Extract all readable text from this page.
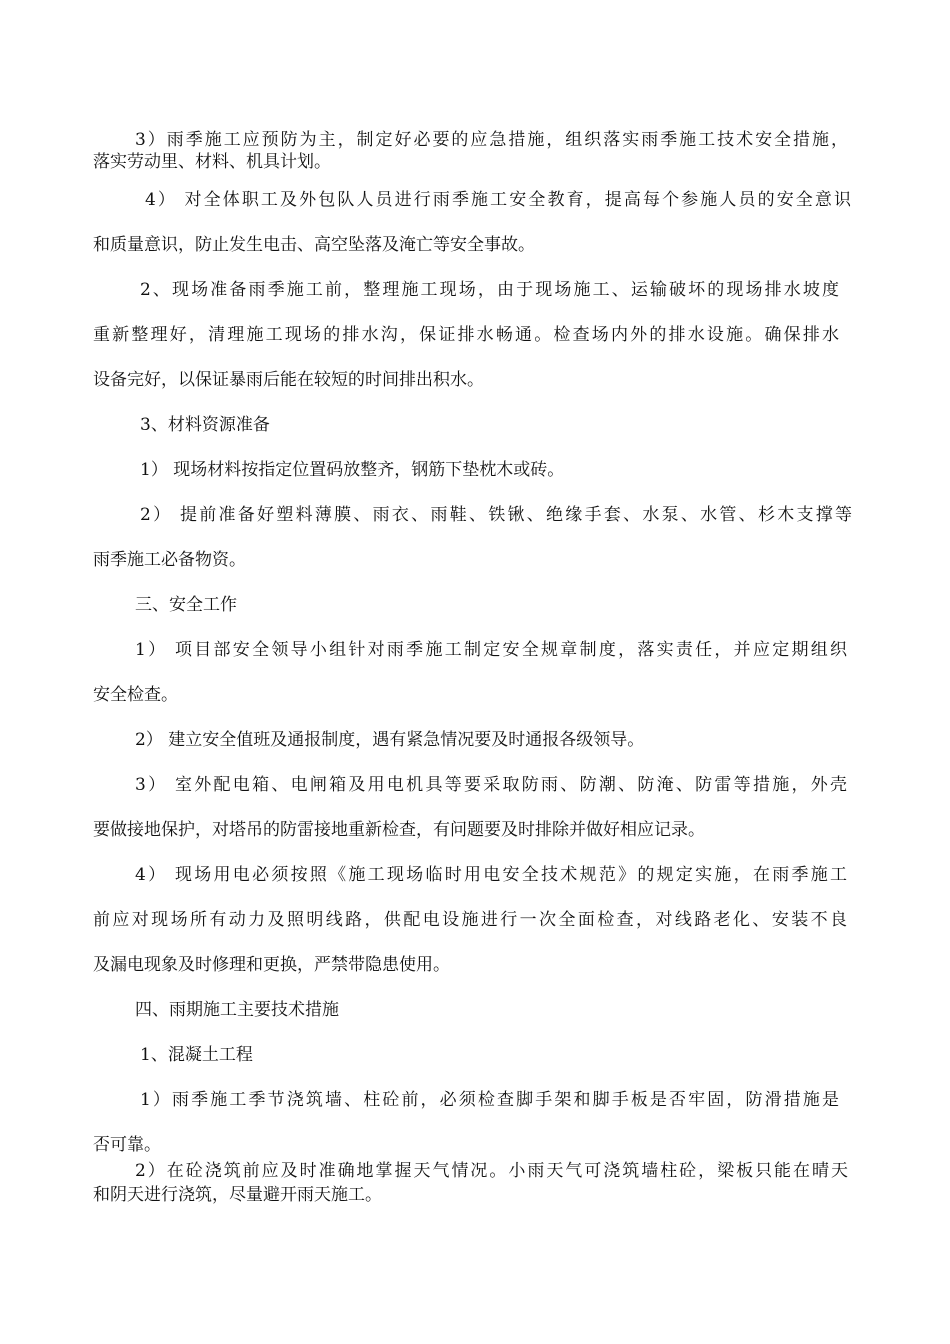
3）雨季施工应预防为主，制定好必要的应急措施，组织落实雨季施工技术安全措施，
落实劳动里、材料、机具计划。
4） 对全体职工及外包队人员进行雨季施工安全教育，提高每个参施人员的安全意识
和质量意识，防止发生电击、高空坠落及淹亡等安全事故。
2、现场准备雨季施工前，整理施工现场，由于现场施工、运输破坏的现场排水坡度
重新整理好，清理施工现场的排水沟，保证排水畅通。检查场内外的排水设施。确保排水
设备完好，以保证暴雨后能在较短的时间排出积水。
3、材料资源准备
1） 现场材料按指定位置码放整齐，钢筋下垫枕木或砖。
2） 提前准备好塑料薄膜、雨衣、雨鞋、铁锹、绝缘手套、水泵、水管、杉木支撑等
雨季施工必备物资。
三、安全工作
1） 项目部安全领导小组针对雨季施工制定安全规章制度，落实责任，并应定期组织
安全检查。
2） 建立安全值班及通报制度，遇有紧急情况要及时通报各级领导。
3） 室外配电箱、电闸箱及用电机具等要采取防雨、防潮、防淹、防雷等措施，外壳
要做接地保护，对塔吊的防雷接地重新检查，有问题要及时排除并做好相应记录。
4） 现场用电必须按照《施工现场临时用电安全技术规范》的规定实施，在雨季施工
前应对现场所有动力及照明线路，供配电设施进行一次全面检查，对线路老化、安装不良
及漏电现象及时修理和更换，严禁带隐患使用。
四、雨期施工主要技术措施
1、混凝土工程
1）雨季施工季节浇筑墙、柱砼前，必须检查脚手架和脚手板是否牢固，防滑措施是
否可靠。
2）在砼浇筑前应及时准确地掌握天气情况。小雨天气可浇筑墙柱砼，梁板只能在晴天
和阴天进行浇筑，尽量避开雨天施工。
